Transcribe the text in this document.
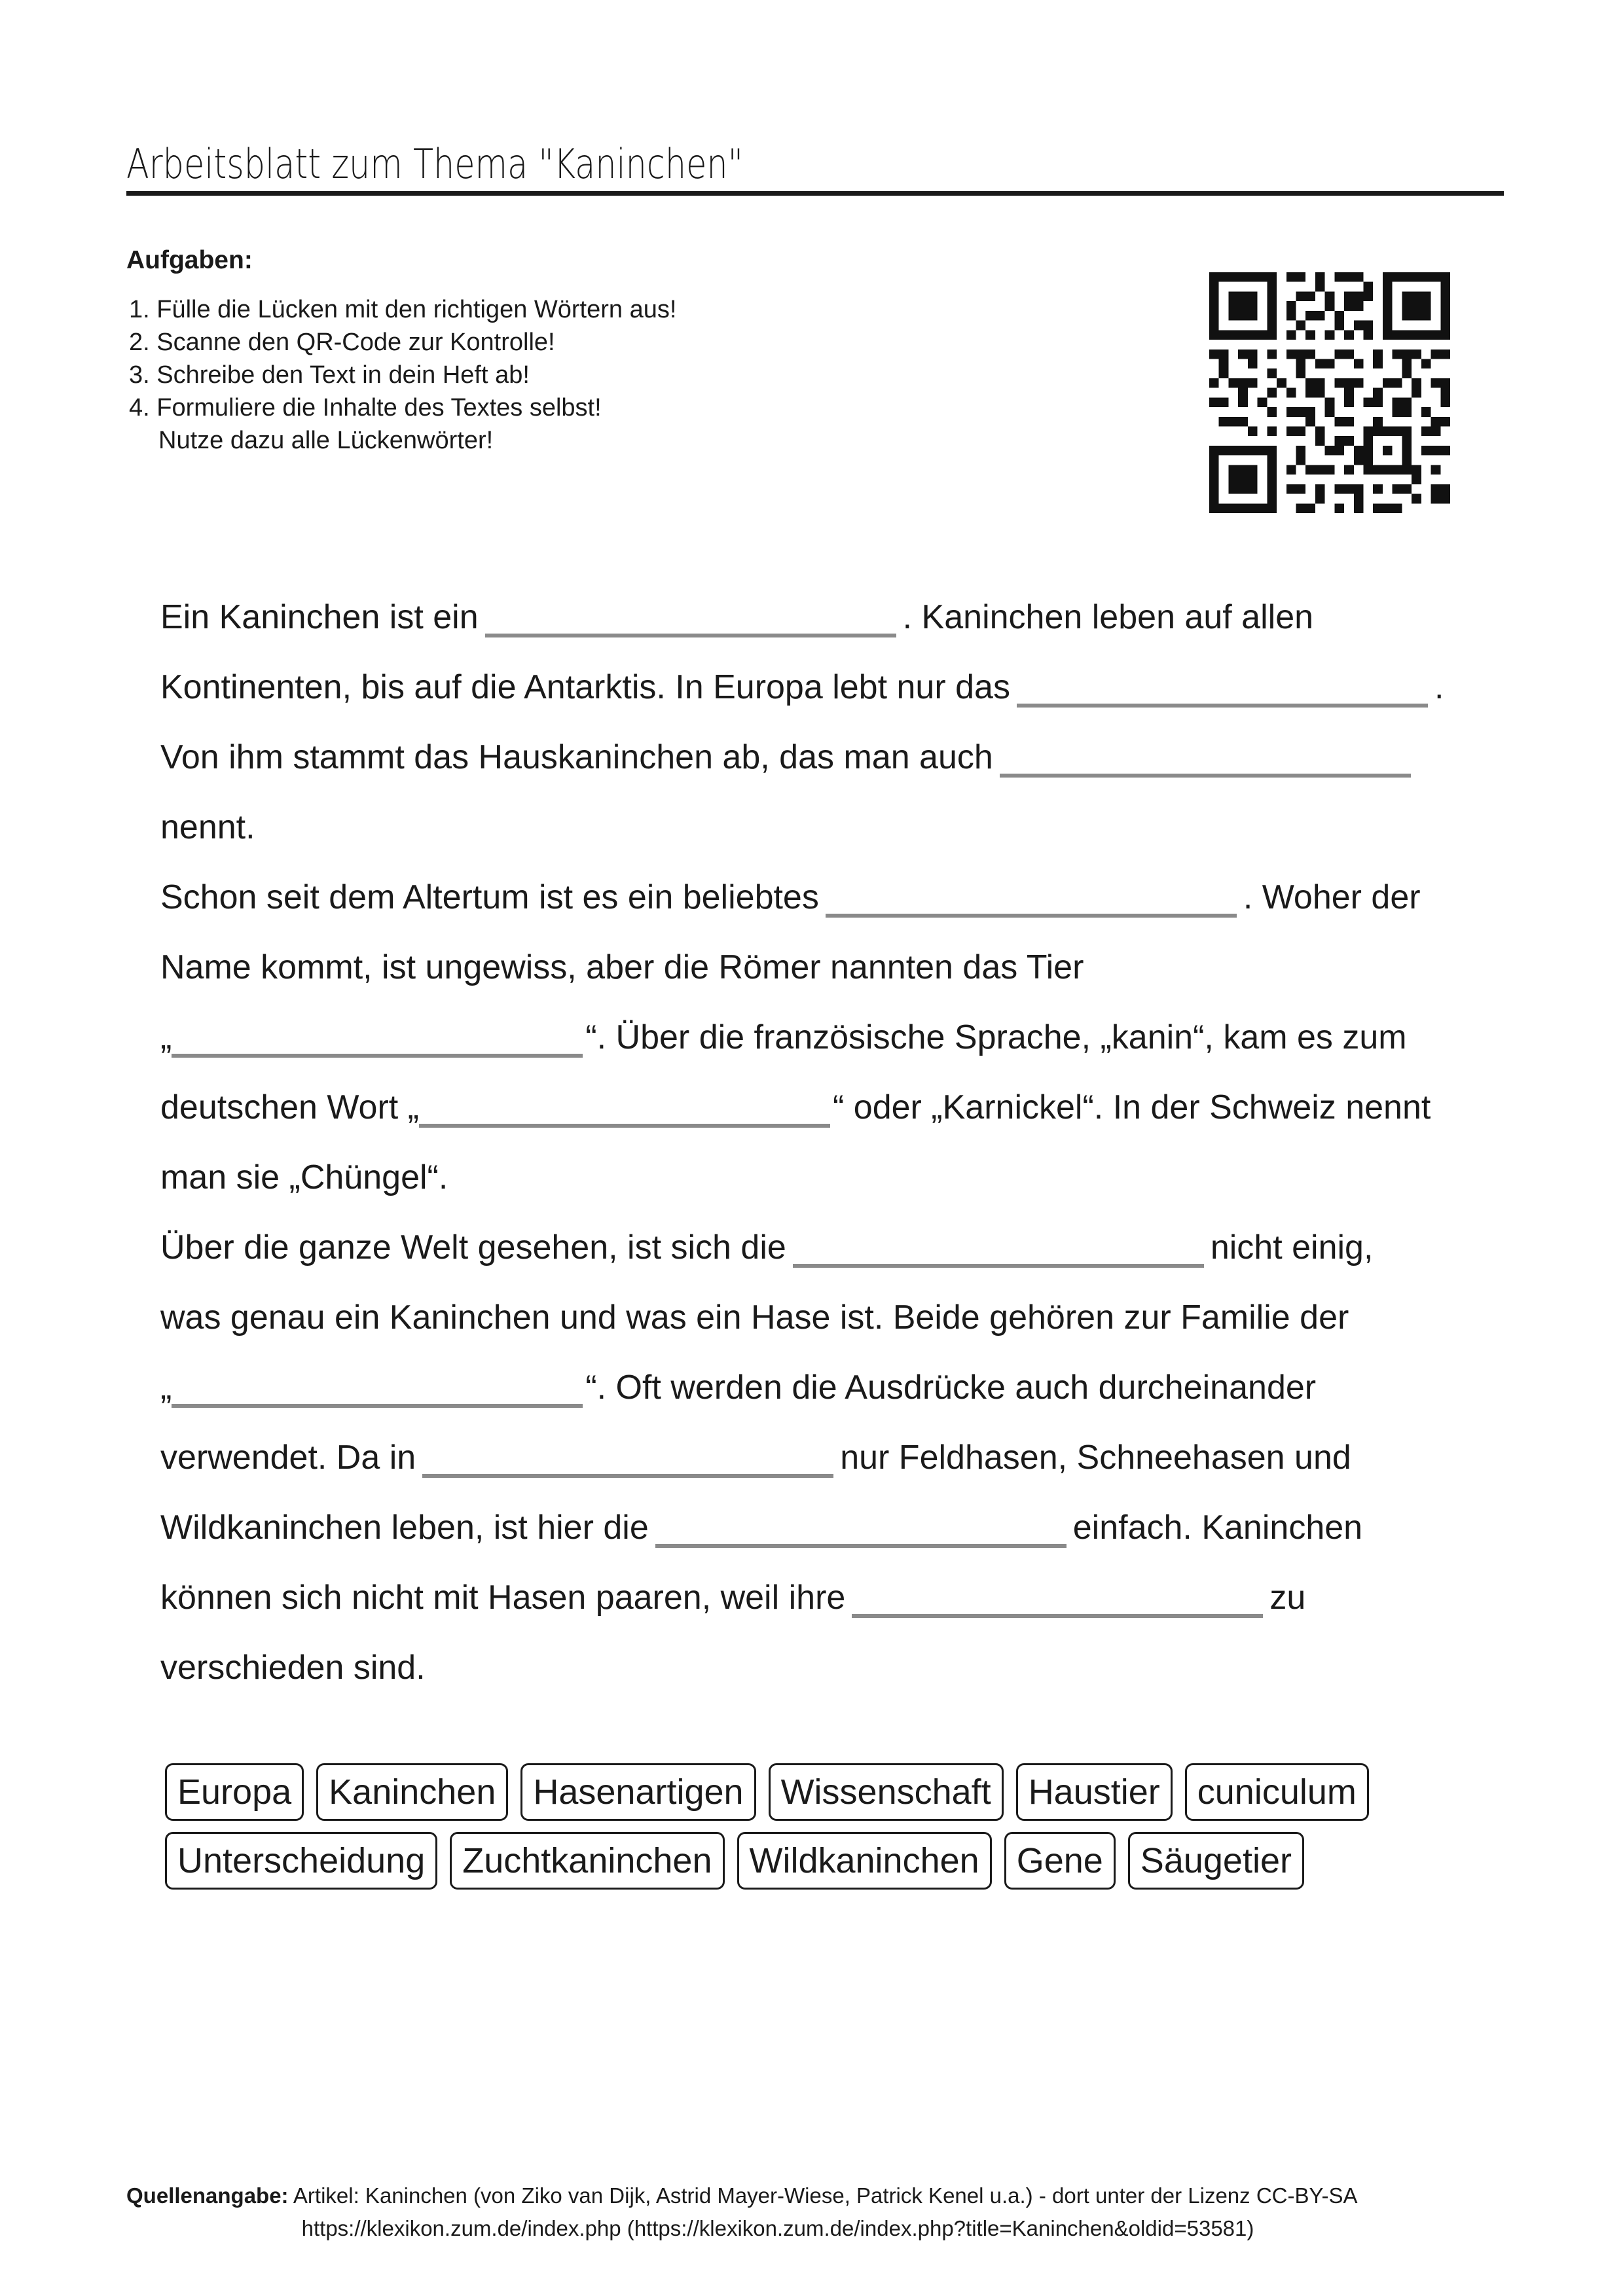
Arbeitsblatt zum Thema "Kaninchen"
Aufgaben:
1. Fülle die Lücken mit den richtigen Wörtern aus!
2. Scanne den QR-Code zur Kontrolle!
3. Schreibe den Text in dein Heft ab!
4. Formuliere die Inhalte des Textes selbst!
Nutze dazu alle Lückenwörter!
Ein Kaninchen ist ein	. Kaninchen leben auf allen
Kontinenten, bis auf die Antarktis. In Europa lebt nur das	.
Von ihm stammt das Hauskaninchen ab, das man auch
nennt.
Schon seit dem Altertum ist es ein beliebtes	. Woher der
Name kommt, ist ungewiss, aber die Römer nannten das Tier
„	“. Über die französische Sprache, „kanin“, kam es zum
deutschen Wort „	“ oder „Karnickel“. In der Schweiz nennt
man sie „Chüngel“.
Über die ganze Welt gesehen, ist sich die	nicht einig,
was genau ein Kaninchen und was ein Hase ist. Beide gehören zur Familie der
„	“. Oft werden die Ausdrücke auch durcheinander
verwendet. Da in	nur Feldhasen, Schneehasen und
Wildkaninchen leben, ist hier die	einfach. Kaninchen
können sich nicht mit Hasen paaren, weil ihre	zu
verschieden sind.
Europa	Kaninchen	Hasenartigen	Wissenschaft	Haustier	cuniculum
Unterscheidung	Zuchtkaninchen	Wildkaninchen	Gene	Säugetier
Quellenangabe: Artikel: Kaninchen (von Ziko van Dijk, Astrid Mayer-Wiese, Patrick Kenel u.a.) - dort unter der Lizenz CC-BY-SA
https://klexikon.zum.de/index.php (https://klexikon.zum.de/index.php?title=Kaninchen&oldid=53581)
